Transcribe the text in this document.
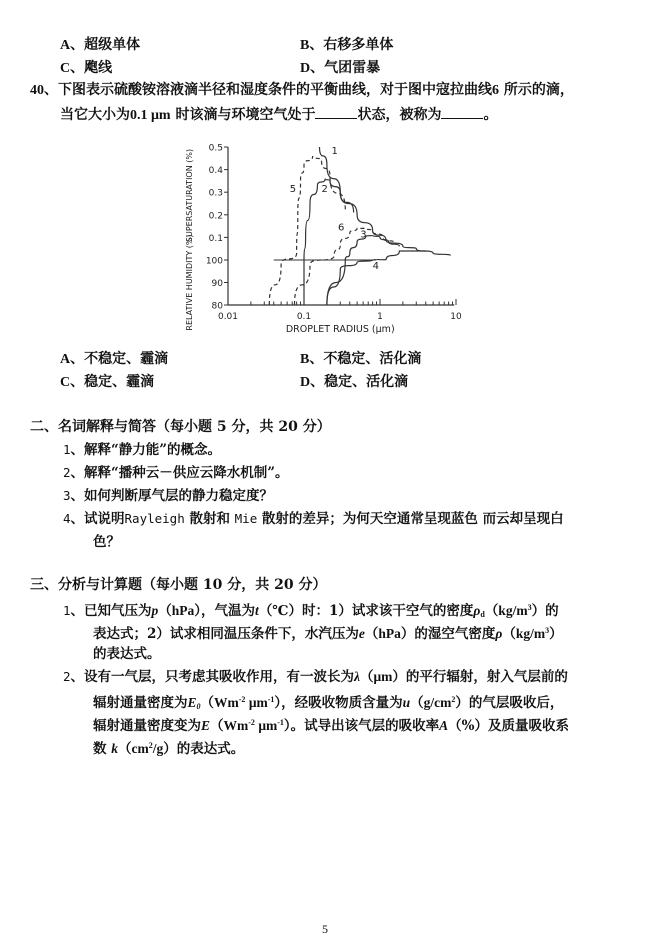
A、超级单体	B、右移多单体
C、飑线	D、气团雷暴
40、下图表示硫酸铵溶液滴半径和湿度条件的平衡曲线，对于图中寇拉曲线6 所示的滴，
当它大小为0.1 μm 时该滴与环境空气处于	状态，被称为	。
0.01	0.1	1	10
0.5
0.4
0.3
0.2
0.1
100
90
80
DROPLET RADIUS (μm)
SUPERSATURATION (%)
RELATIVE HUMIDITY (%)
1
2
3
4
5
6
A、不稳定、霾滴	B、不稳定、活化滴
C、稳定、霾滴	D、稳定、活化滴
二、名词解释与简答（每小题 5 分，共 20 分）
1、解释“静力能”的概念。
2、解释“播种云－供应云降水机制”。
3、如何判断厚气层的静力稳定度？
4、试说明Rayleigh 散射和 Mie 散射的差异；为何天空通常呈现蓝色 而云却呈现白
色？
三、分析与计算题（每小题 10 分，共 20 分）
1、已知气压为p（hPa），气温为t（℃）时：1）试求该干空气的密度$\rho_d(kg/m^3)$的
表达式；2）试求相同温压条件下，水汽压为e（hPa）的湿空气密度$\rho(kg/m^3)$
的表达式。
2、设有一气层，只考虑其吸收作用，有一波长为λ（μm）的平行辐射，射入气层前的
辐射通量密度为$E_0(Wm^{-2}$ $\mu m^{-1}$），经吸收物质含量为$u(g/cm^2)$的气层吸收后，
辐射通量密度变为$E(Wm^{-2}$ $\mu m^{-1}$）。试导出该气层的吸收率A（%）及质量吸收系
数 $k(cm^2/g)$的表达式。
5
